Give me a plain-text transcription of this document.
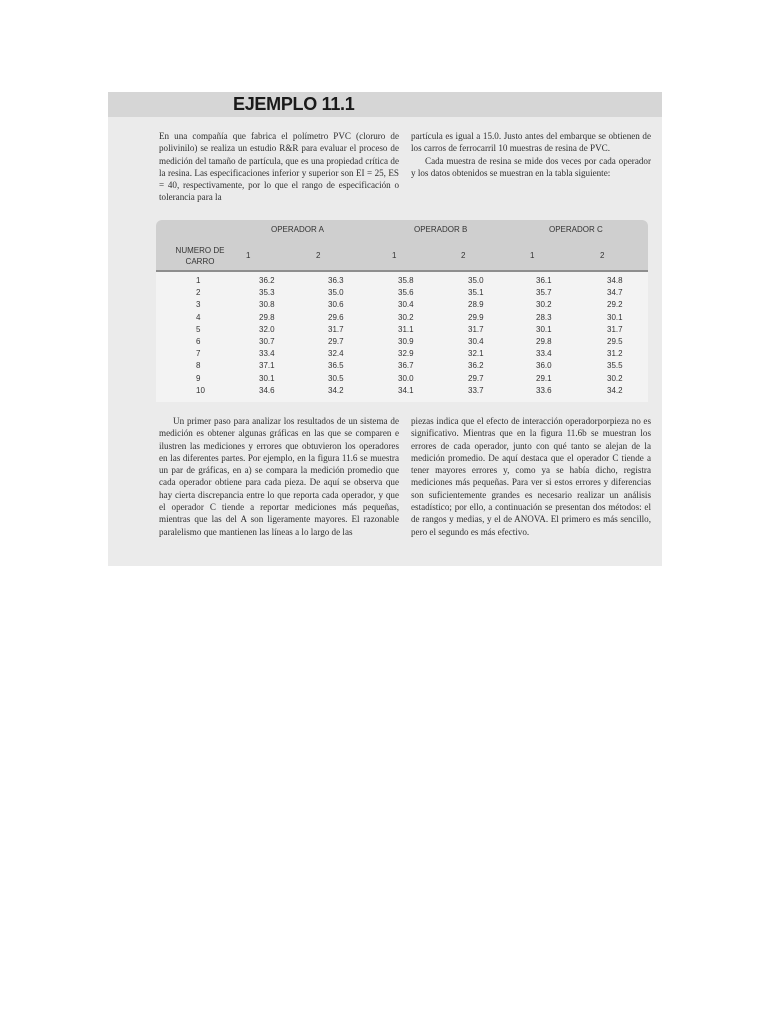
EJEMPLO 11.1

En una compañía que fabrica el polímetro PVC (cloruro de polivinilo) se realiza un estudio R&R para evaluar el proceso de medición del tamaño de partícula, que es una propiedad crítica de la resina. Las especificaciones inferior y superior son EI = 25, ES = 40, respectivamente, por lo que el rango de especificación o tolerancia para la

partícula es igual a 15.0. Justo antes del embarque se obtienen de los carros de ferrocarril 10 muestras de resina de PVC.

Cada muestra de resina se mide dos veces por cada operador y los datos obtenidos se muestran en la tabla siguiente:

OPERADOR A	OPERADOR B	OPERADOR C
NUMERO DE CARRO
1	2	1	2	1	2
1	36.2	36.3	35.8	35.0	36.1	34.8
2	35.3	35.0	35.6	35.1	35.7	34.7
3	30.8	30.6	30.4	28.9	30.2	29.2
4	29.8	29.6	30.2	29.9	28.3	30.1
5	32.0	31.7	31.1	31.7	30.1	31.7
6	30.7	29.7	30.9	30.4	29.8	29.5
7	33.4	32.4	32.9	32.1	33.4	31.2
8	37.1	36.5	36.7	36.2	36.0	35.5
9	30.1	30.5	30.0	29.7	29.1	30.2
10	34.6	34.2	34.1	33.7	33.6	34.2

Un primer paso para analizar los resultados de un sistema de medición es obtener algunas gráficas en las que se comparen e ilustren las mediciones y errores que obtuvieron los operadores en las diferentes partes. Por ejemplo, en la figura 11.6 se muestra un par de gráficas, en a) se compara la medición promedio que cada operador obtiene para cada pieza. De aquí se observa que hay cierta discrepancia entre lo que reporta cada operador, y que el operador C tiende a reportar mediciones más pequeñas, mientras que las del A son ligeramente mayores. El razonable paralelismo que mantienen las líneas a lo largo de las

piezas indica que el efecto de interacción operadorporpieza no es significativo. Mientras que en la figura 11.6b se muestran los errores de cada operador, junto con qué tanto se alejan de la medición promedio. De aquí destaca que el operador C tiende a tener mayores errores y, como ya se había dicho, registra mediciones más pequeñas. Para ver si estos errores y diferencias son suficientemente grandes es necesario realizar un análisis estadístico; por ello, a continuación se presentan dos métodos: el de rangos y medias, y el de ANOVA. El primero es más sencillo, pero el segundo es más efectivo.
